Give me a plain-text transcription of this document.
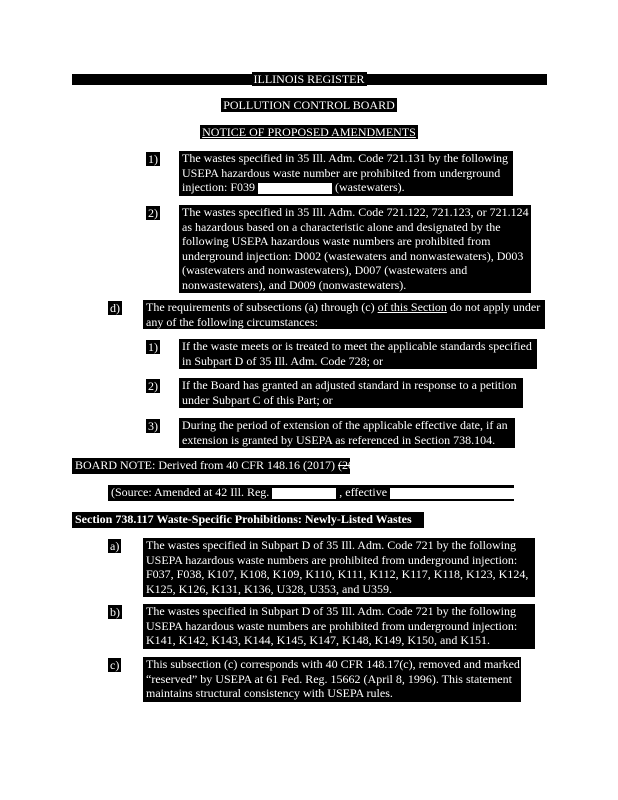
ILLINOIS REGISTER
POLLUTION CONTROL BOARD
NOTICE OF PROPOSED AMENDMENTS
1) The wastes specified in 35 Ill. Adm. Code 721.131 by the following
USEPA hazardous waste number are prohibited from underground
injection: F039	(wastewaters).
2) The wastes specified in 35 Ill. Adm. Code 721.122, 721.123, or 721.124
as hazardous based on a characteristic alone and designated by the
following USEPA hazardous waste numbers are prohibited from
underground injection: D002 (wastewaters and nonwastewaters), D003
(wastewaters and nonwastewaters), D007 (wastewaters and
nonwastewaters), and D009 (nonwastewaters).
d) The requirements of subsections (a) through (c) of this Section do not apply under
any of the following circumstances:
1) If the waste meets or is treated to meet the applicable standards specified
in Subpart D of 35 Ill. Adm. Code 728; or
2) If the Board has granted an adjusted standard in response to a petition
under Subpart C of this Part; or
3) During the period of extension of the applicable effective date, if an
extension is granted by USEPA as referenced in Section 738.104.
BOARD NOTE: Derived from 40 CFR 148.16 (2017) (2005).
(Source: Amended at 42 Ill. Reg.	, effective	)
Section 738.117 Waste-Specific Prohibitions: Newly-Listed Wastes
a) The wastes specified in Subpart D of 35 Ill. Adm. Code 721 by the following
USEPA hazardous waste numbers are prohibited from underground injection:
F037, F038, K107, K108, K109, K110, K111, K112, K117, K118, K123, K124,
K125, K126, K131, K136, U328, U353, and U359.
b) The wastes specified in Subpart D of 35 Ill. Adm. Code 721 by the following
USEPA hazardous waste numbers are prohibited from underground injection:
K141, K142, K143, K144, K145, K147, K148, K149, K150, and K151.
c) This subsection (c) corresponds with 40 CFR 148.17(c), removed and marked
“reserved” by USEPA at 61 Fed. Reg. 15662 (April 8, 1996). This statement
maintains structural consistency with USEPA rules.
